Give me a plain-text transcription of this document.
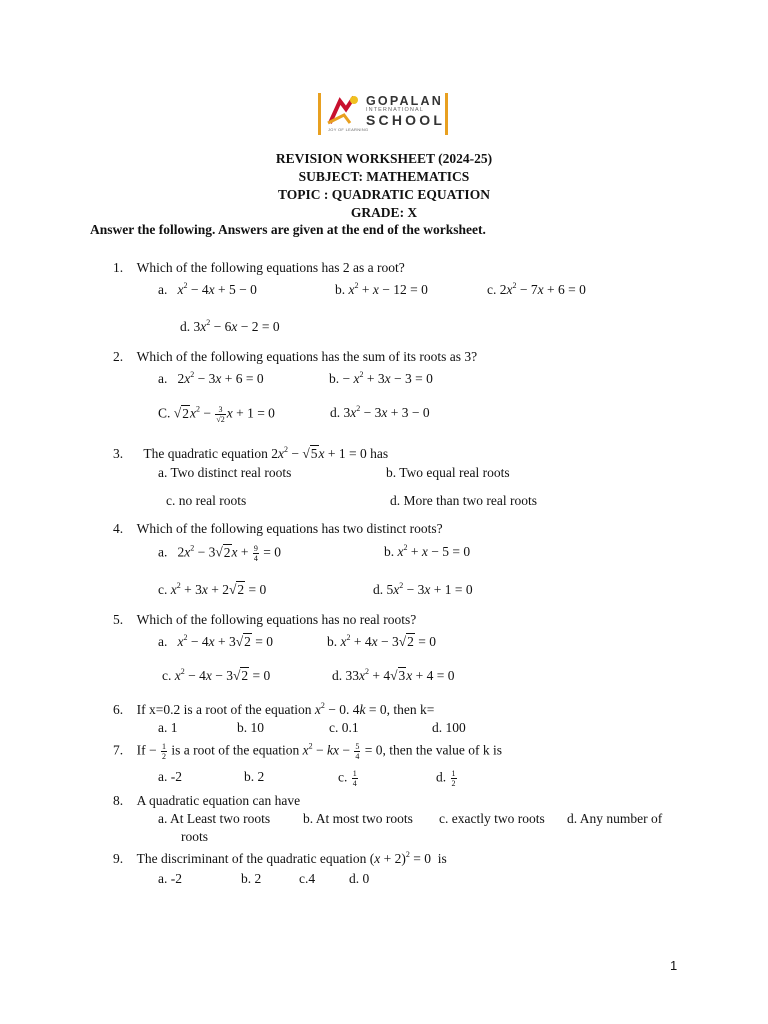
GOPALAN
INTERNATIONAL
SCHOOL
JOY OF LEARNING
REVISION WORKSHEET (2024-25)
SUBJECT: MATHEMATICS
TOPIC : QUADRATIC EQUATION
GRADE: X
Answer the following. Answers are given at the end of the worksheet.
1. Which of the following equations has 2 as a root?
a.   $x^2 - 4x + 5 - 0$	b. $x^2 + x - 12 = 0$	c. $2x^2 - 7x + 6 = 0$
d. $3x^2 - 6x - 2 = 0$
2. Which of the following equations has the sum of its roots as 3?
a.   $2x^2 - 3x + 6 = 0$	b. − $x^2 + 3x - 3 = 0$
C. $√2x^2 - \frac{3}{√2}$ x + 1 = 0	d. $3x^2 - 3x + 3 - 0$
3. The quadratic equation $2x^2 - √5x + 1 = 0$ has
a. Two distinct real roots	b. Two equal real roots
c. no real roots	d. More than two real roots
4. Which of the following equations has two distinct roots?
a.   $2x^2 - 3√2x + \frac{9}{4} = 0$	b. $x^2 + x - 5 = 0$
c. $x^2 + 3x + 2√2 = 0$	d. $5x^2 - 3x + 1 = 0$
5. Which of the following equations has no real roots?
a.   $x^2 - 4x + 3√2 = 0$	b. $x^2 + 4x - 3√2 = 0$
c. $x^2 - 4x - 3√2 = 0$	d. $33x^2 + 4√3x + 4 = 0$
6. If x=0.2 is a root of the equation $x^2 - 0$. 4k = 0, then k=
a. 1	b. 10	c. 0.1	d. 100
7. $If - \frac{1}{2}$ is a root of the equation $x^2$ − kx − $\frac{5}{4} = 0$, then the value of k is
a. -2	b. 2	c. $\frac{1}{4}$	d. $\frac{1}{2}$
8. A quadratic equation can have
a. At Least two roots b. At most two roots c. exactly two roots d. Any number of
roots
9. The discriminant of the quadratic equation $(x + 2)^2 = 0$  is
a. -2	b. 2	c.4	d. 0
1
